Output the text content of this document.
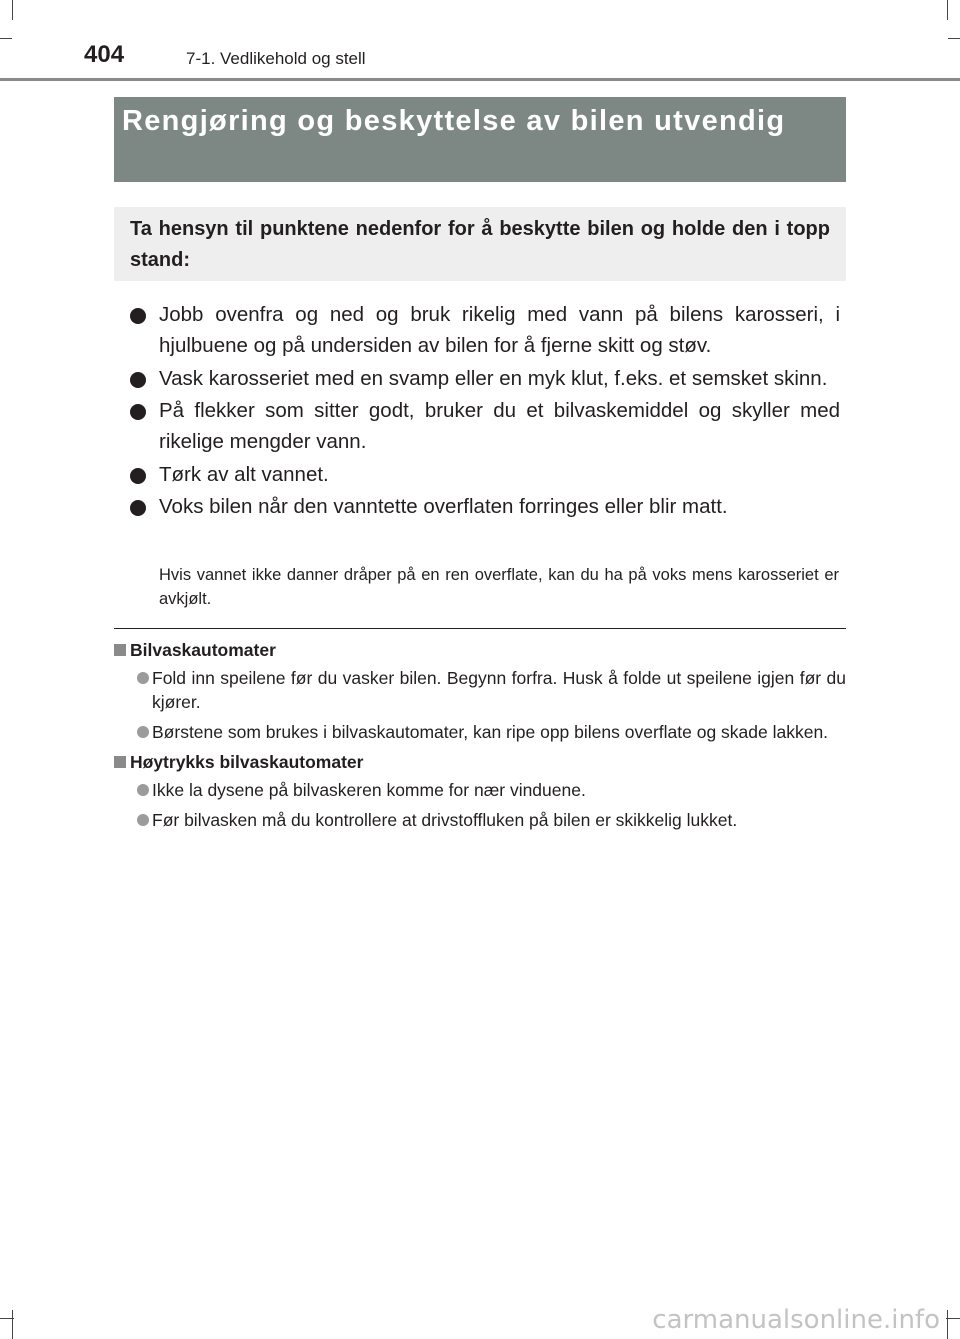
404	7-1. Vedlikehold og stell
Rengjøring og beskyttelse av bilen utvendig
Ta hensyn til punktene nedenfor for å beskytte bilen og holde den i topp stand:
Jobb ovenfra og ned og bruk rikelig med vann på bilens karosseri, i hjulbuene og på undersiden av bilen for å fjerne skitt og støv.
Vask karosseriet med en svamp eller en myk klut, f.eks. et semsket skinn.
På flekker som sitter godt, bruker du et bilvaskemiddel og skyller med rikelige mengder vann.
Tørk av alt vannet.
Voks bilen når den vanntette overflaten forringes eller blir matt.
Hvis vannet ikke danner dråper på en ren overflate, kan du ha på voks mens karosseriet er avkjølt.
Bilvaskautomater
Fold inn speilene før du vasker bilen. Begynn forfra. Husk å folde ut speilene igjen før du kjører.
Børstene som brukes i bilvaskautomater, kan ripe opp bilens overflate og skade lakken.
Høytrykks bilvaskautomater
Ikke la dysene på bilvaskeren komme for nær vinduene.
Før bilvasken må du kontrollere at drivstoffluken på bilen er skikkelig lukket.
carmanualsonline.info
